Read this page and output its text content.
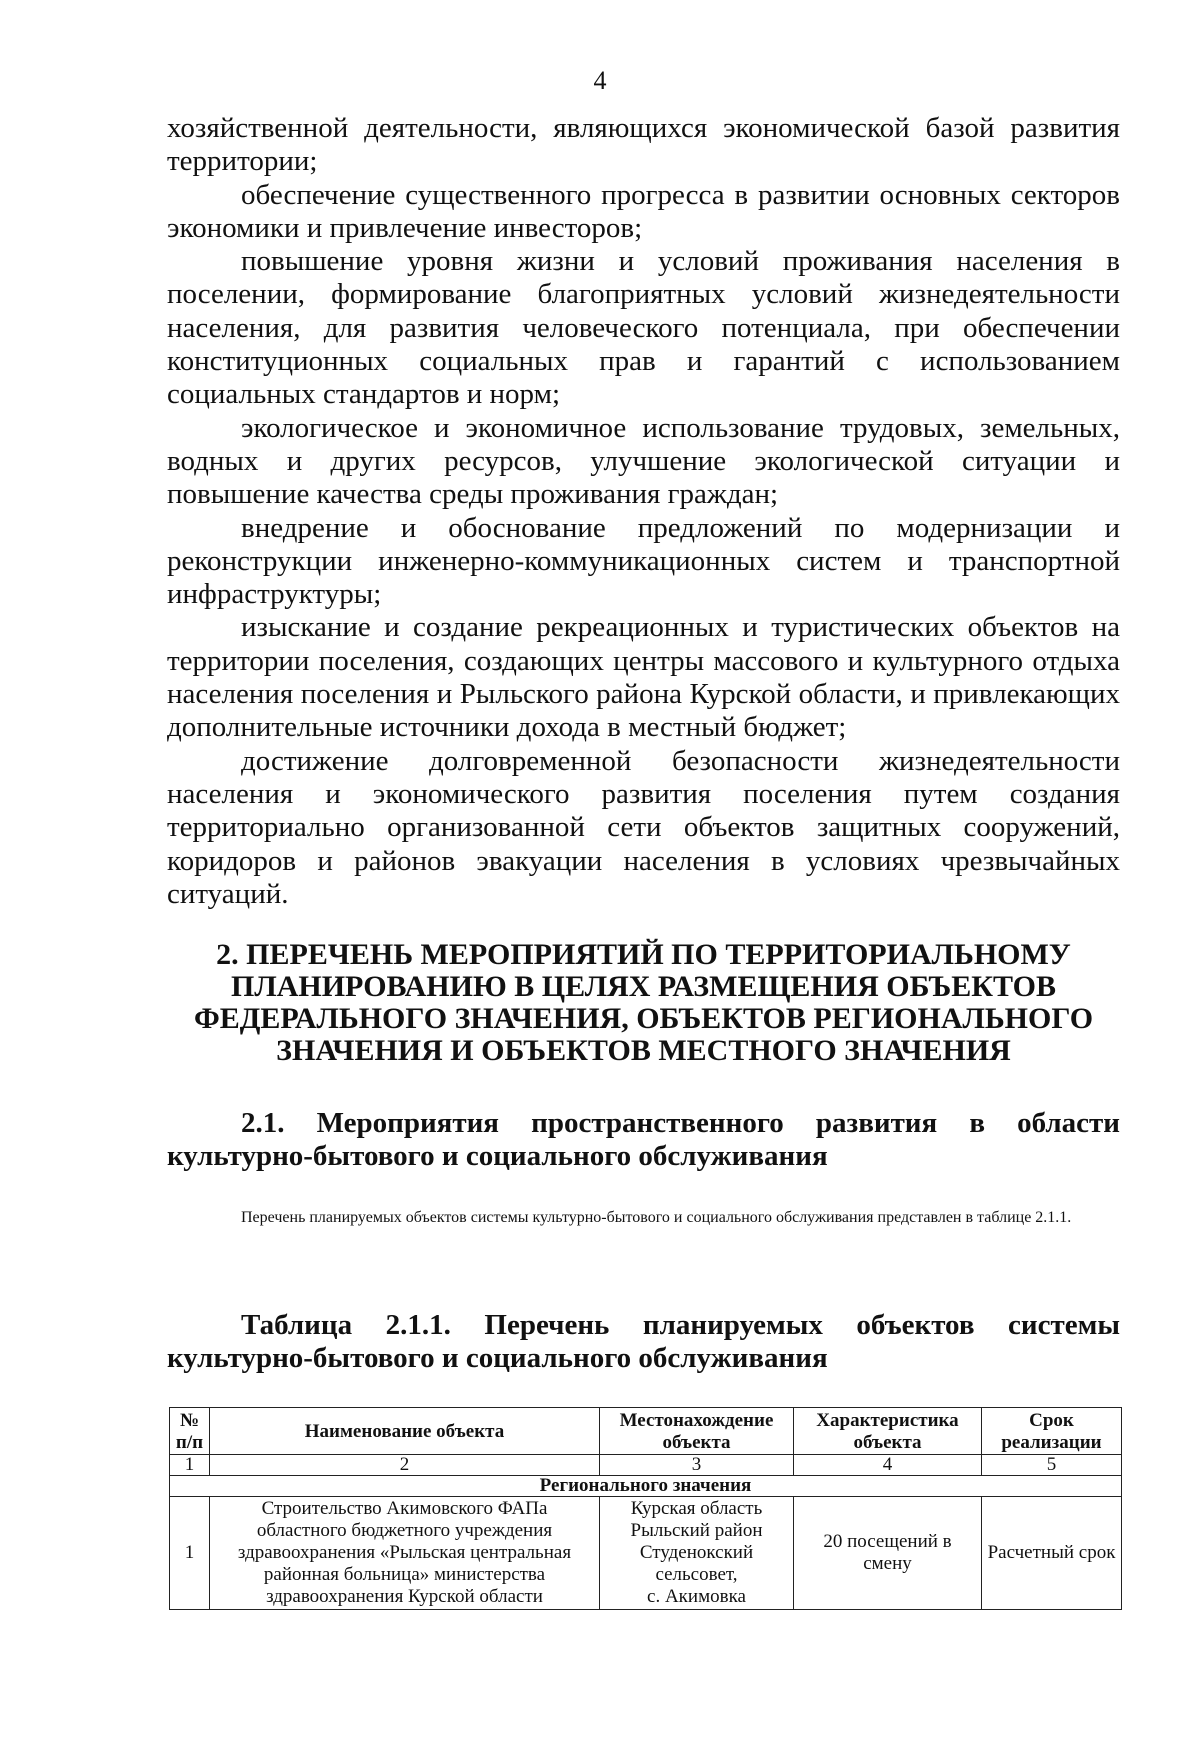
4

хозяйственной деятельности, являющихся экономической базой развития территории;

обеспечение существенного прогресса в развитии основных секторов экономики и привлечение инвесторов;

повышение уровня жизни и условий проживания населения в поселении, формирование благоприятных условий жизнедеятельности населения, для развития человеческого потенциала, при обеспечении конституционных социальных прав и гарантий с использованием социальных стандартов и норм;

экологическое и экономичное использование трудовых, земельных, водных и других ресурсов, улучшение экологической ситуации и повышение качества среды проживания граждан;

внедрение и обоснование предложений по модернизации и реконструкции инженерно-коммуникационных систем и транспортной инфраструктуры;

изыскание и создание рекреационных и туристических объектов на территории поселения, создающих центры массового и культурного отдыха населения поселения и Рыльского района Курской области, и привлекающих дополнительные источники дохода в местный бюджет;

достижение долговременной безопасности жизнедеятельности населения и экономического развития поселения путем создания территориально организованной сети объектов защитных сооружений, коридоров и районов эвакуации населения в условиях чрезвычайных ситуаций.

2. ПЕРЕЧЕНЬ МЕРОПРИЯТИЙ ПО ТЕРРИТОРИАЛЬНОМУ
ПЛАНИРОВАНИЮ В ЦЕЛЯХ РАЗМЕЩЕНИЯ ОБЪЕКТОВ
ФЕДЕРАЛЬНОГО ЗНАЧЕНИЯ, ОБЪЕКТОВ РЕГИОНАЛЬНОГО
ЗНАЧЕНИЯ И ОБЪЕКТОВ МЕСТНОГО ЗНАЧЕНИЯ

2.1. Мероприятия пространственного развития в области культурно-бытового и социального обслуживания

Перечень планируемых объектов системы культурно-бытового и социального обслуживания представлен в таблице 2.1.1.

Таблица 2.1.1. Перечень планируемых объектов системы культурно-бытового и социального обслуживания

№
п/п	Наименование объекта	Местонахождение объекта	Характеристика объекта	Срок реализации
1	2	3	4	5
Регионального значения				
1	Строительство Акимовского ФАПа
областного бюджетного учреждения
здравоохранения «Рыльская центральная
районная больница» министерства
здравоохранения Курской области	Курская область
Рыльский район
Студенокский
сельсовет,
с. Акимовка	20 посещений в смену	Расчетный срок
